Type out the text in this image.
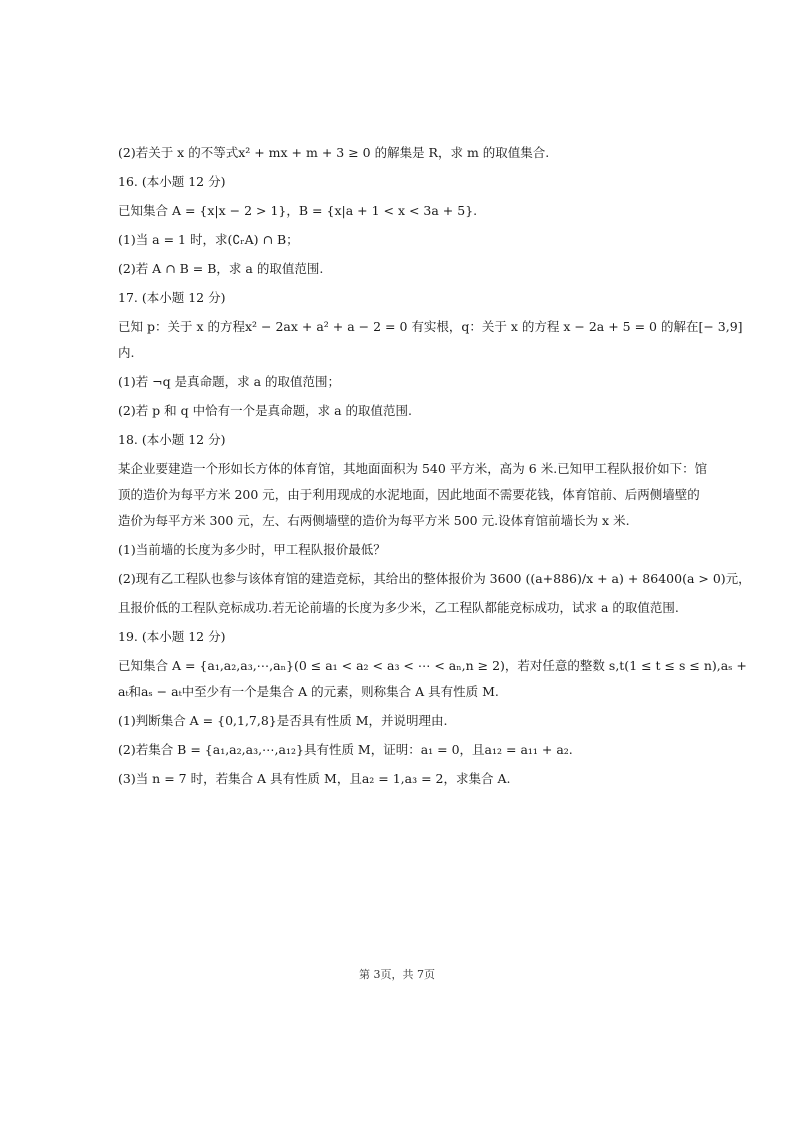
(2)若关于 x 的不等式x² + mx + m + 3 ≥ 0 的解集是 R，求 m 的取值集合.
16. (本小题 12 分)
已知集合 A = {x|x − 2 > 1}，B = {x|a + 1 < x < 3a + 5}.
(1)当 a = 1 时，求(∁ᵣA) ∩ B；
(2)若 A ∩ B = B，求 a 的取值范围.
17. (本小题 12 分)
已知 p：关于 x 的方程x² − 2ax + a² + a − 2 = 0 有实根，q：关于 x 的方程 x − 2a + 5 = 0 的解在[− 3,9]
内.
(1)若 ¬q 是真命题，求 a 的取值范围；
(2)若 p 和 q 中恰有一个是真命题，求 a 的取值范围.
18. (本小题 12 分)
某企业要建造一个形如长方体的体育馆，其地面面积为 540 平方米，高为 6 米.已知甲工程队报价如下：馆
顶的造价为每平方米 200 元，由于利用现成的水泥地面，因此地面不需要花钱，体育馆前、后两侧墙壁的
造价为每平方米 300 元，左、右两侧墙壁的造价为每平方米 500 元.设体育馆前墙长为 x 米.
(1)当前墙的长度为多少时，甲工程队报价最低？
(2)现有乙工程队也参与该体育馆的建造竞标，其给出的整体报价为 3600 ((a+886)/x + a) + 86400(a > 0)元，
且报价低的工程队竞标成功.若无论前墙的长度为多少米，乙工程队都能竞标成功，试求 a 的取值范围.
19. (本小题 12 分)
已知集合 A = {a₁,a₂,a₃,⋯,aₙ}(0 ≤ a₁ < a₂ < a₃ < ⋯ < aₙ,n ≥ 2)，若对任意的整数 s,t(1 ≤ t ≤ s ≤ n),aₛ +
aₜ和aₛ − aₜ中至少有一个是集合 A 的元素，则称集合 A 具有性质 M.
(1)判断集合 A = {0,1,7,8}是否具有性质 M，并说明理由.
(2)若集合 B = {a₁,a₂,a₃,⋯,a₁₂}具有性质 M，证明：a₁ = 0，且a₁₂ = a₁₁ + a₂.
(3)当 n = 7 时，若集合 A 具有性质 M，且a₂ = 1,a₃ = 2，求集合 A.
第 3页，共 7页
